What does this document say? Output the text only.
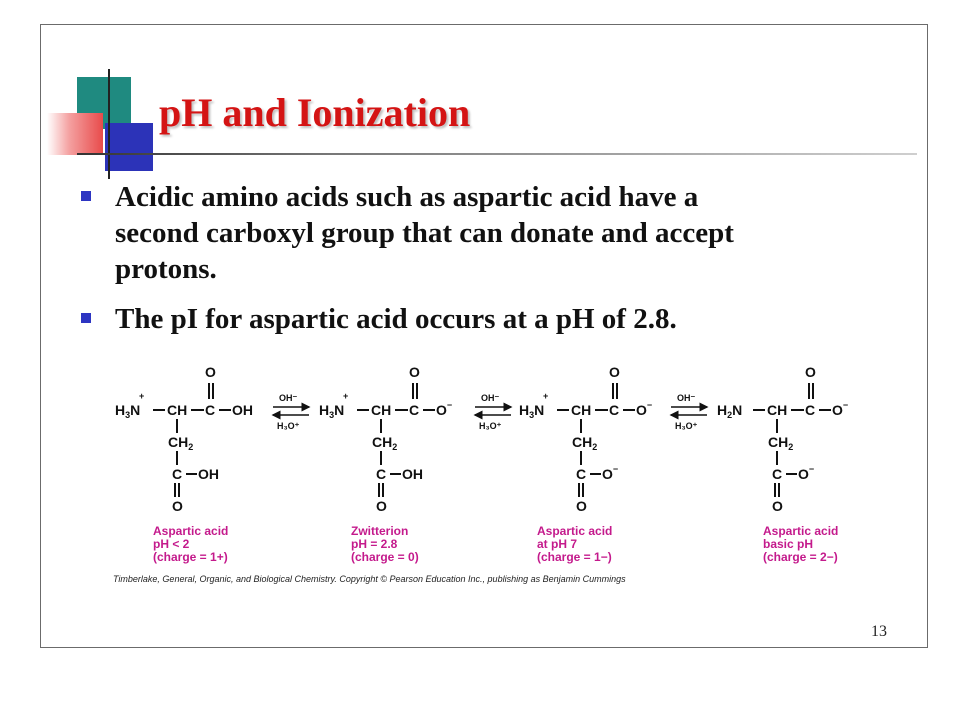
pH and Ionization
Acidic amino acids such as aspartic acid have a
second carboxyl group that can donate and accept
protons.
The pI for aspartic acid occurs at a pH of 2.8.
$H_3N$
+
CH C
O
OH
$CH_2$
C OH
O
OH⁻
H₃O⁺
$H_3N$
+
CH C
O
O−
$CH_2$
C OH
O
OH⁻
H₃O⁺
$H_3N$
+
CH C
O
O−
$CH_2$
C O−
O
OH⁻
H₃O⁺
$H_2N$ CH C
O
O−
$CH_2$
C O−
O
Aspartic acid
pH < 2
(charge = 1+)
Zwitterion
pH = 2.8
(charge = 0)
Aspartic acid
at pH 7
(charge = 1−)
Aspartic acid
basic pH
(charge = 2−)
Timberlake, General, Organic, and Biological Chemistry. Copyright © Pearson Education Inc., publishing as Benjamin Cummings
13
